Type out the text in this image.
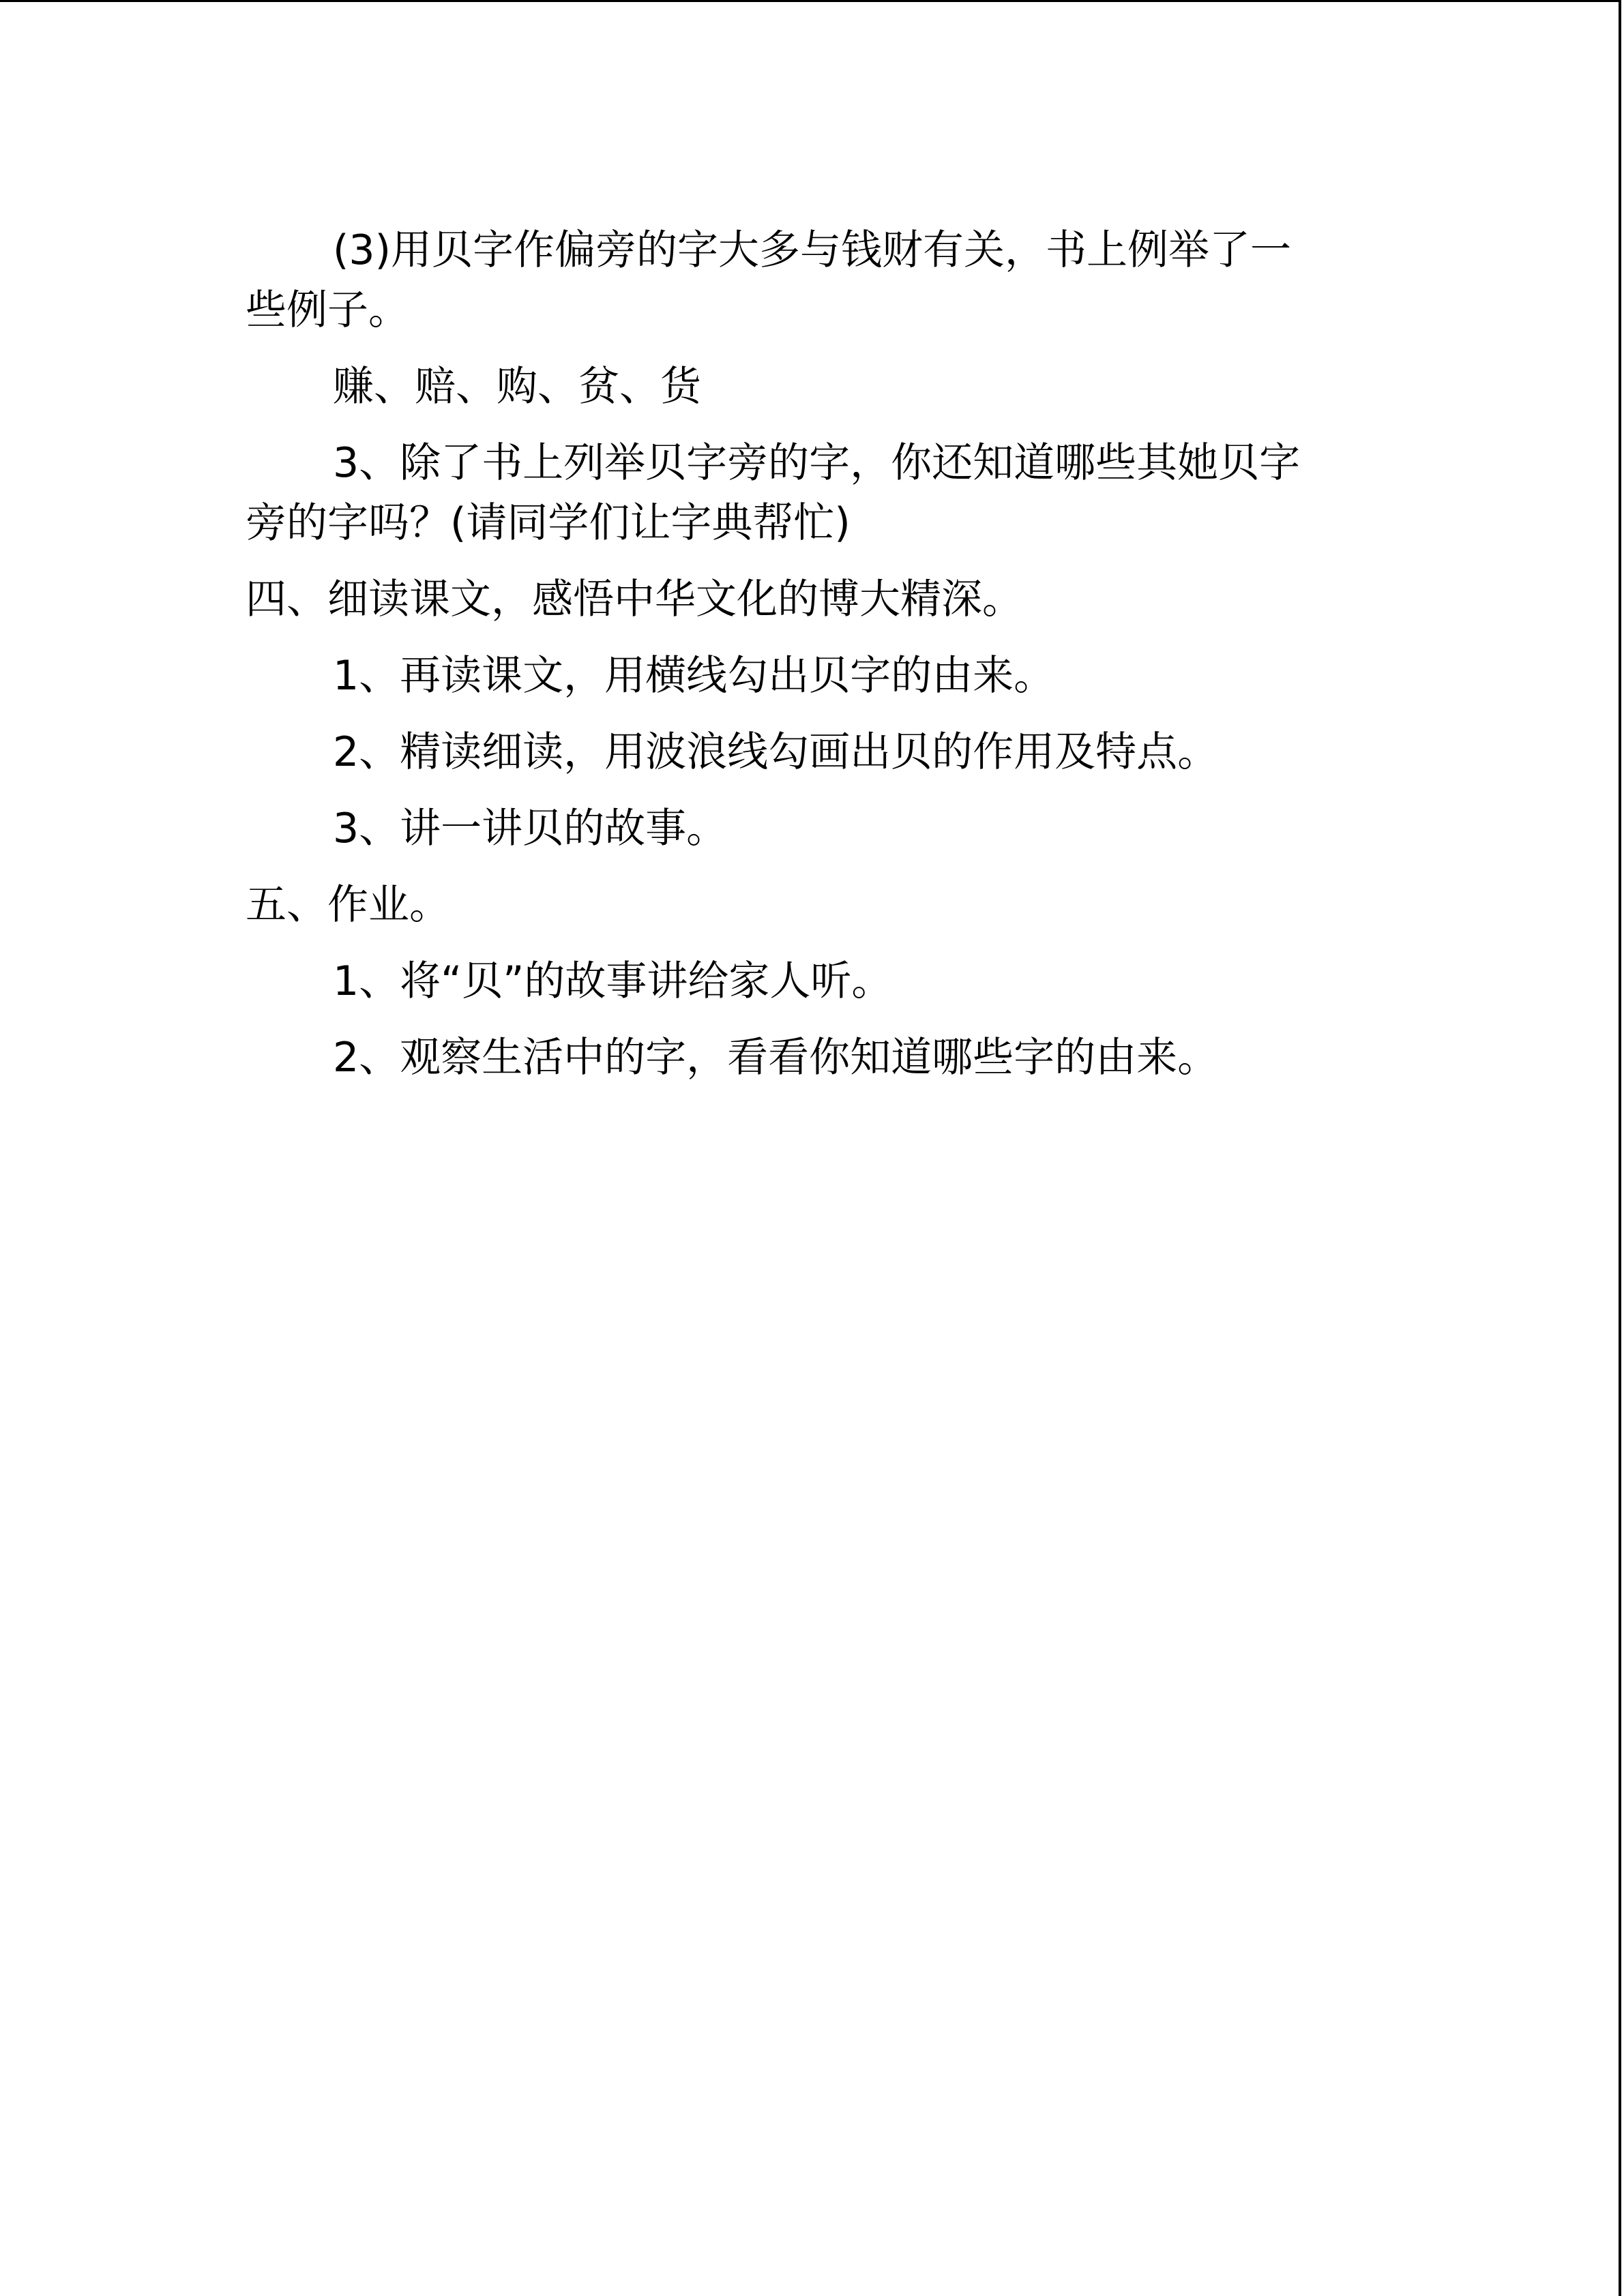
(3)用贝字作偏旁的字大多与钱财有关，书上例举了一

些例子。

赚、赔、购、贫、货

3、除了书上列举贝字旁的字，你还知道哪些其她贝字

旁的字吗？(请同学们让字典帮忙)

四、细读课文，感悟中华文化的博大精深。

1、再读课文，用横线勾出贝字的由来。

2、精读细读，用波浪线勾画出贝的作用及特点。

3、讲一讲贝的故事。

五、作业。

1、将“贝”的故事讲给家人听。

2、观察生活中的字，看看你知道哪些字的由来。
